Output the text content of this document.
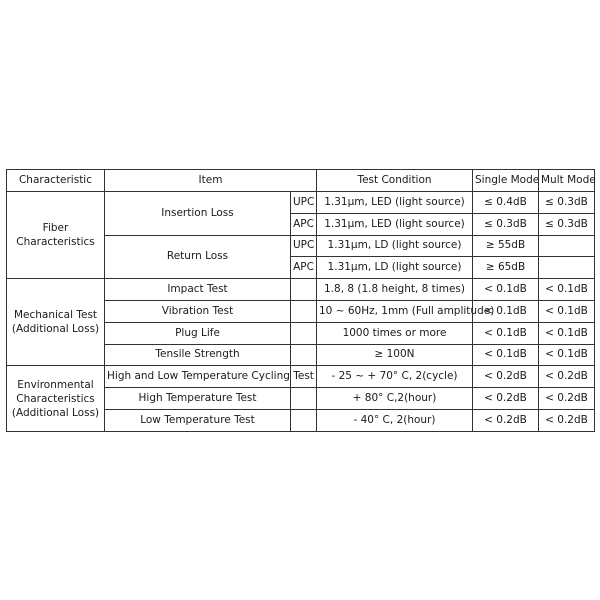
Characteristic	Item		Test Condition	Single Mode	Mult Mode
Fiber Characteristics	Insertion Loss	UPC	1.31μm, LED (light source)	≤ 0.4dB	≤ 0.3dB
		APC	1.31μm, LED (light source)	≤ 0.3dB	≤ 0.3dB
	Return Loss	UPC	1.31μm, LD (light source)	≥ 55dB	
		APC	1.31μm, LD (light source)	≥ 65dB	
Mechanical Test
(Additional Loss)	Impact Test		1.8, 8 (1.8 height, 8 times)	< 0.1dB	< 0.1dB
	Vibration Test		10 ~ 60Hz, 1mm (Full amplitude)	< 0.1dB	< 0.1dB
	Plug Life		1000 times or more	< 0.1dB	< 0.1dB
	Tensile Strength		≥ 100N	< 0.1dB	< 0.1dB
Environmental
Characteristics
(Additional Loss)	High and Low Temperature Cycling Test		- 25 ~ + 70° C, 2(cycle)	< 0.2dB	< 0.2dB
	High Temperature Test		+ 80° C,2(hour)	< 0.2dB	< 0.2dB
	Low Temperature Test		- 40° C, 2(hour)	< 0.2dB	< 0.2dB
